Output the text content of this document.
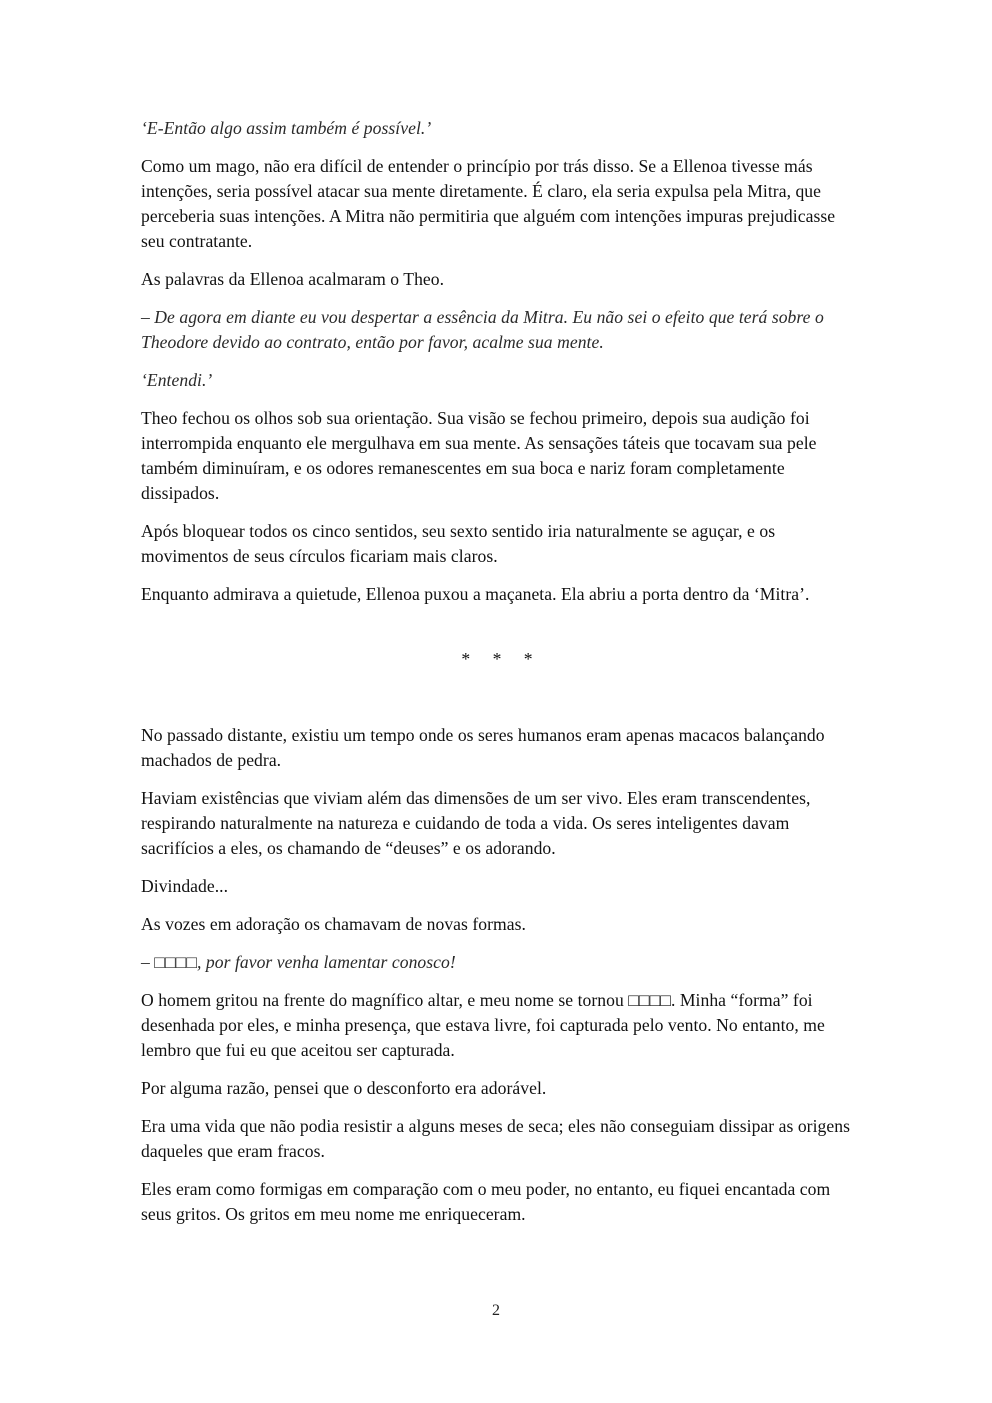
‘E-Então algo assim também é possível.’

Como um mago, não era difícil de entender o princípio por trás disso. Se a Ellenoa tivesse más intenções, seria possível atacar sua mente diretamente. É claro, ela seria expulsa pela Mitra, que perceberia suas intenções. A Mitra não permitiria que alguém com intenções impuras prejudicasse seu contratante.

As palavras da Ellenoa acalmaram o Theo.

– De agora em diante eu vou despertar a essência da Mitra. Eu não sei o efeito que terá sobre o Theodore devido ao contrato, então por favor, acalme sua mente.

‘Entendi.’

Theo fechou os olhos sob sua orientação. Sua visão se fechou primeiro, depois sua audição foi interrompida enquanto ele mergulhava em sua mente. As sensações táteis que tocavam sua pele também diminuíram, e os odores remanescentes em sua boca e nariz foram completamente dissipados.

Após bloquear todos os cinco sentidos, seu sexto sentido iria naturalmente se aguçar, e os movimentos de seus círculos ficariam mais claros.

Enquanto admirava a quietude, Ellenoa puxou a maçaneta. Ela abriu a porta dentro da ‘Mitra’.

* * *

No passado distante, existiu um tempo onde os seres humanos eram apenas macacos balançando machados de pedra.

Haviam existências que viviam além das dimensões de um ser vivo. Eles eram transcendentes, respirando naturalmente na natureza e cuidando de toda a vida. Os seres inteligentes davam sacrifícios a eles, os chamando de “deuses” e os adorando.

Divindade...

As vozes em adoração os chamavam de novas formas.

– □□□□, por favor venha lamentar conosco!

O homem gritou na frente do magnífico altar, e meu nome se tornou □□□□. Minha “forma” foi desenhada por eles, e minha presença, que estava livre, foi capturada pelo vento. No entanto, me lembro que fui eu que aceitou ser capturada.

Por alguma razão, pensei que o desconforto era adorável.

Era uma vida que não podia resistir a alguns meses de seca; eles não conseguiam dissipar as origens daqueles que eram fracos.

Eles eram como formigas em comparação com o meu poder, no entanto, eu fiquei encantada com seus gritos. Os gritos em meu nome me enriqueceram.

2
